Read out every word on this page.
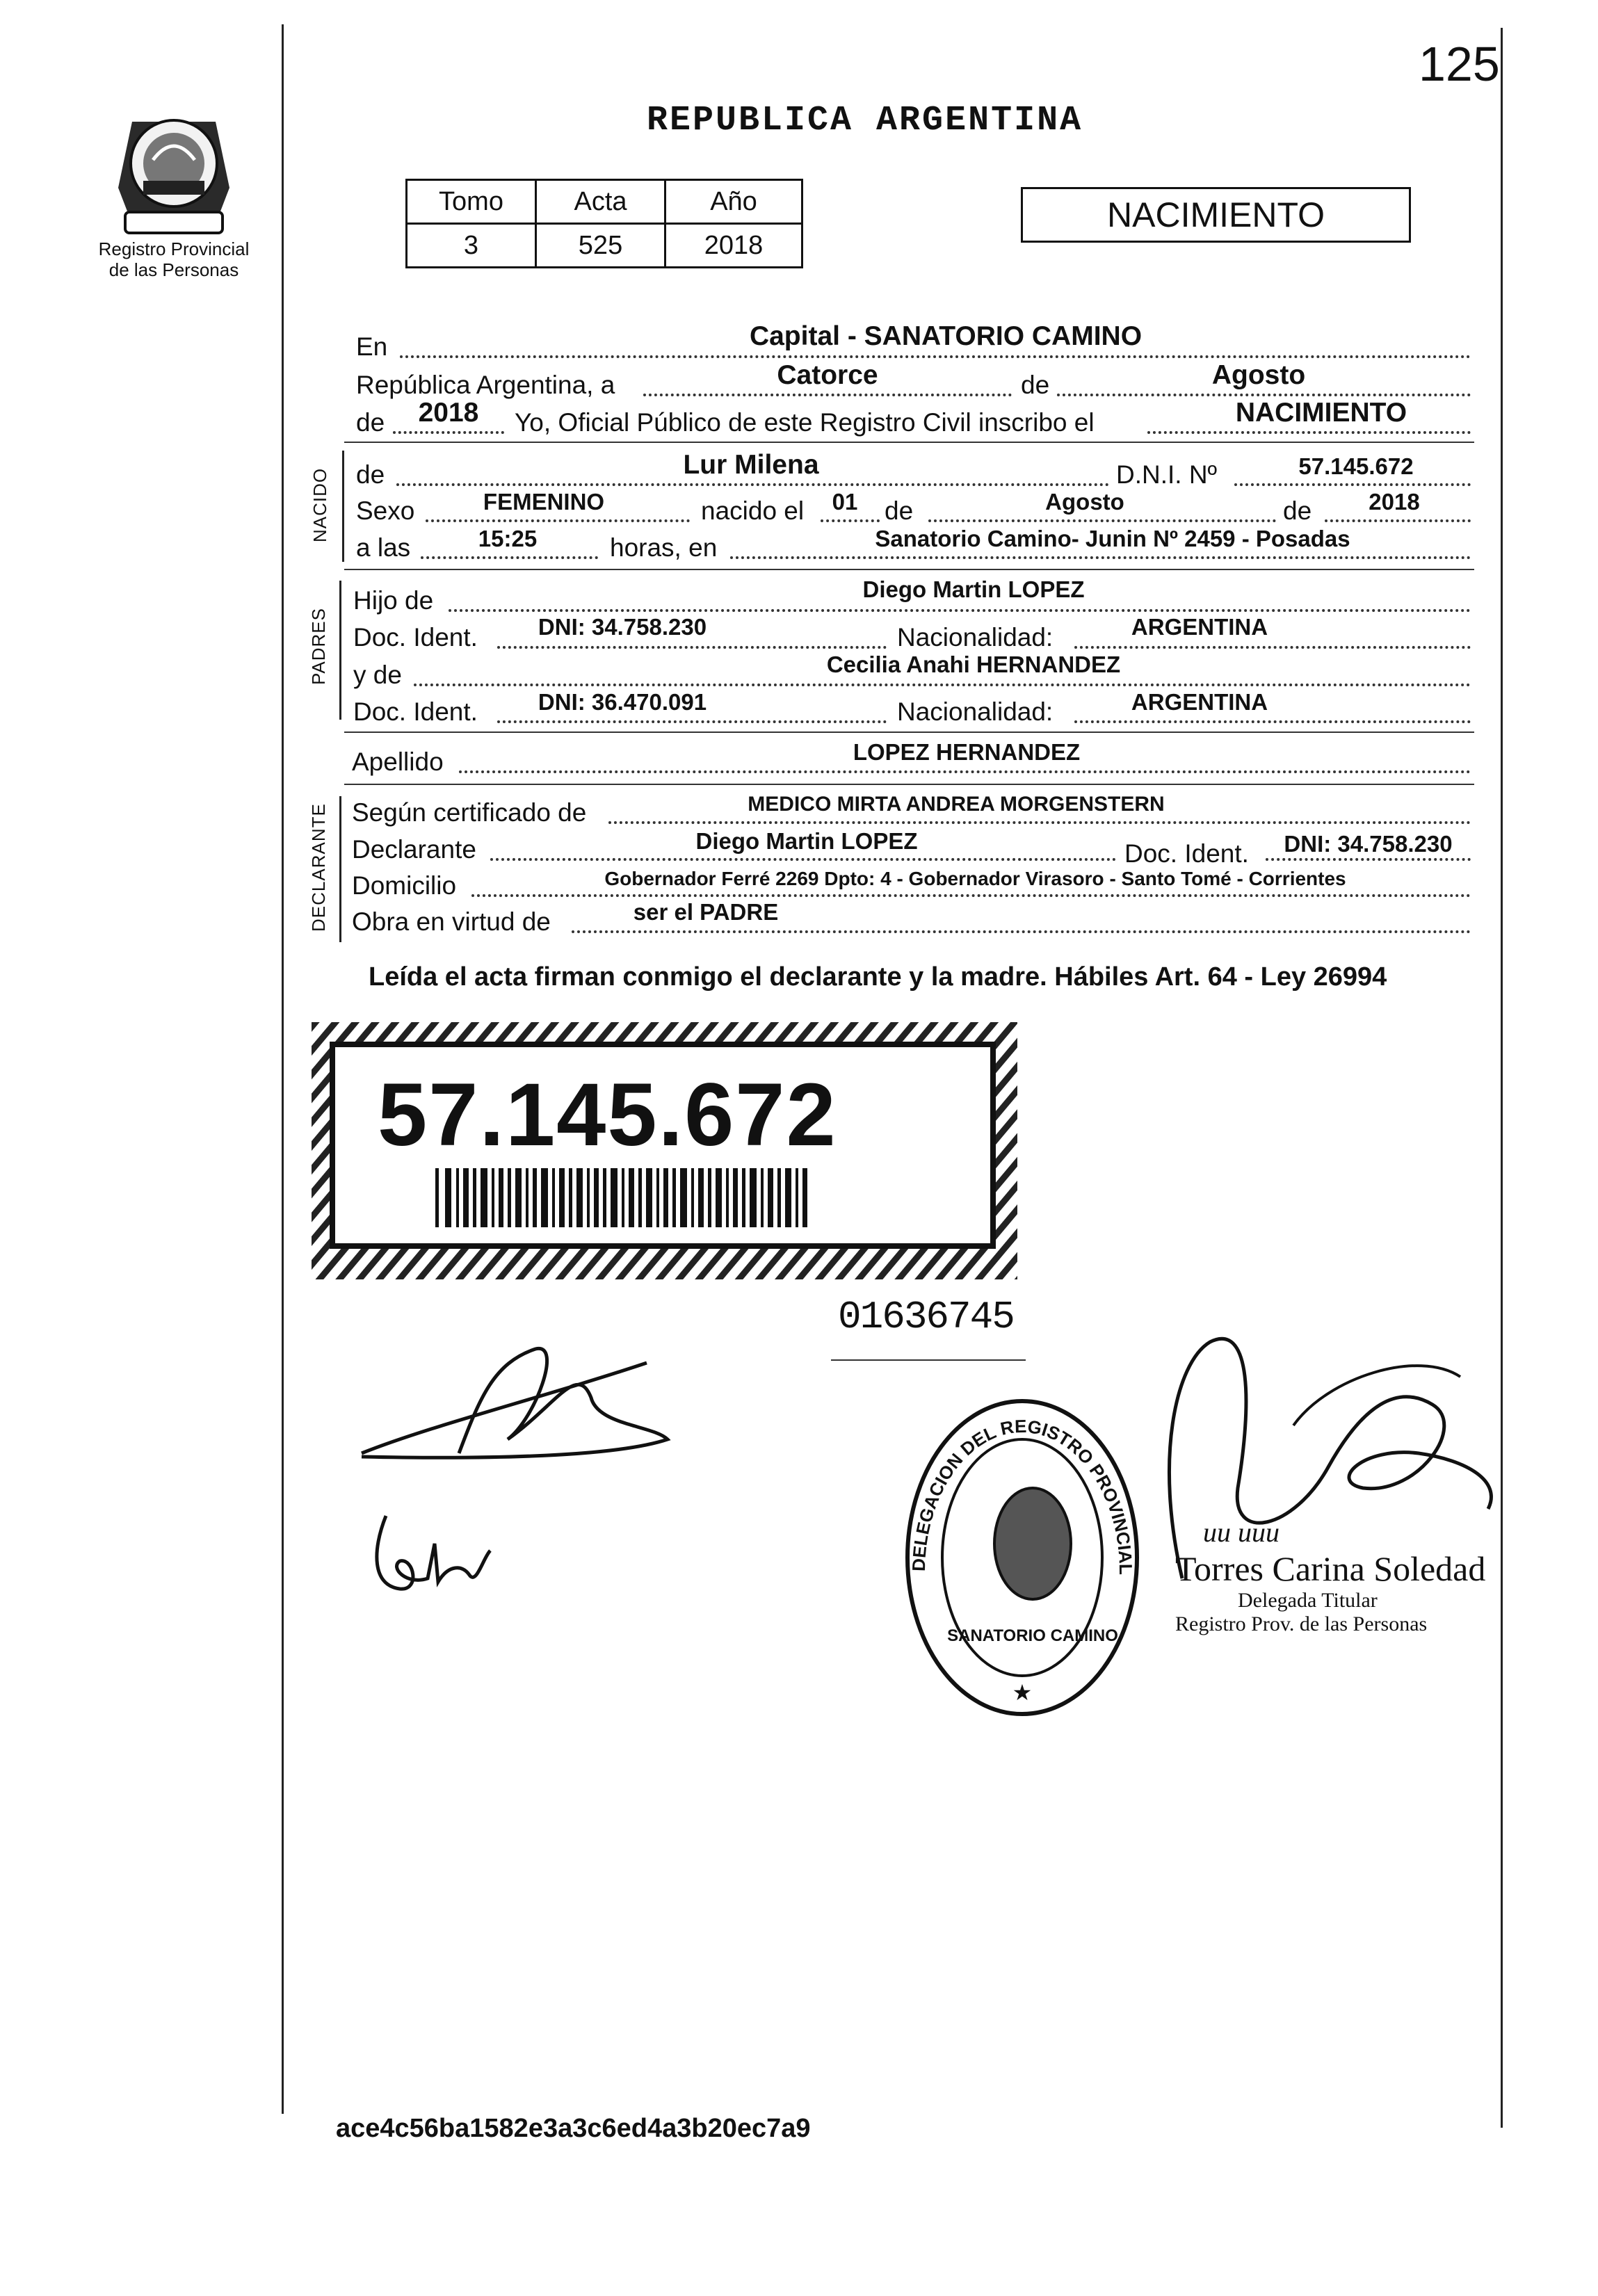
125
PROVINCIA DE MISIONES
Registro Provincial
de las Personas
REPUBLICA ARGENTINA
Tomo	Acta	Año
3	525	2018
NACIMIENTO
En	Capital - SANATORIO CAMINO
República Argentina, a	Catorce	de	Agosto
de	2018	Yo, Oficial Público de este Registro Civil inscribo el	NACIMIENTO
NACIDO de	Lur Milena	D.N.I. Nº	57.145.672
Sexo	FEMENINO	nacido el	01	de	Agosto	de	2018
a las	15:25	horas, en	Sanatorio Camino- Junin Nº 2459 - Posadas
PADRES
Hijo de	Diego Martin LOPEZ
Doc. Ident.	DNI: 34.758.230	Nacionalidad:	ARGENTINA
y de	Cecilia Anahi HERNANDEZ
Doc. Ident.	DNI: 36.470.091	Nacionalidad:	ARGENTINA
Apellido	LOPEZ HERNANDEZ
DECLARANTE Según certificado de	MEDICO MIRTA ANDREA MORGENSTERN
Declarante	Diego Martin LOPEZ	Doc. Ident.	DNI: 34.758.230
Domicilio	Gobernador Ferré 2269 Dpto: 4 - Gobernador Virasoro - Santo Tomé - Corrientes
Obra en virtud de	ser el PADRE
Leída el acta firman conmigo el declarante y la madre. Hábiles Art. 64 - Ley 26994
57.145.672
01636745
DELEGACION DEL REGISTRO PROVINCIAL
SANATORIO CAMINO
★
uu uuu
Torres Carina Soledad
Delegada Titular
Registro Prov. de las Personas
ace4c56ba1582e3a3c6ed4a3b20ec7a9
